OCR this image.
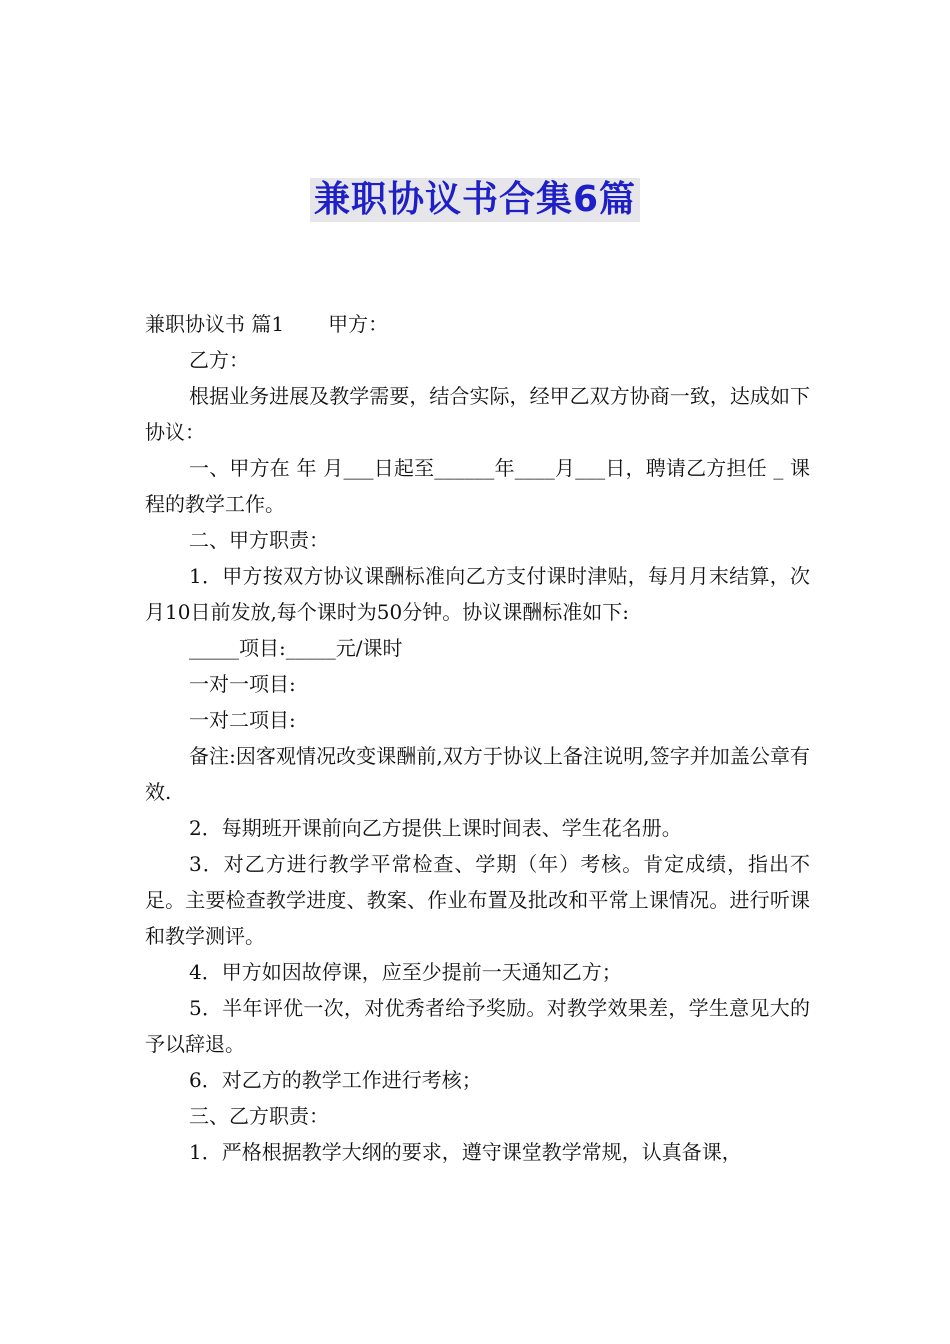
兼职协议书合集6篇

兼职协议书 篇1 甲方：

乙方：

根据业务进展及教学需要，结合实际，经甲乙双方协商一致，达成如下协议：

一、甲方在 年 月___日起至______年____月___日，聘请乙方担任 _ 课程的教学工作。

二、甲方职责：

1．甲方按双方协议课酬标准向乙方支付课时津贴，每月月末结算，次月10日前发放,每个课时为50分钟。协议课酬标准如下:

_____项目:_____元/课时

一对一项目:

一对二项目:

备注:因客观情况改变课酬前,双方于协议上备注说明,签字并加盖公章有效.

2．每期班开课前向乙方提供上课时间表、学生花名册。

3．对乙方进行教学平常检查、学期（年）考核。肯定成绩，指出不足。主要检查教学进度、教案、作业布置及批改和平常上课情况。进行听课和教学测评。

4．甲方如因故停课，应至少提前一天通知乙方；

5．半年评优一次，对优秀者给予奖励。对教学效果差，学生意见大的予以辞退。

6．对乙方的教学工作进行考核；

三、乙方职责：

1．严格根据教学大纲的要求，遵守课堂教学常规，认真备课，
